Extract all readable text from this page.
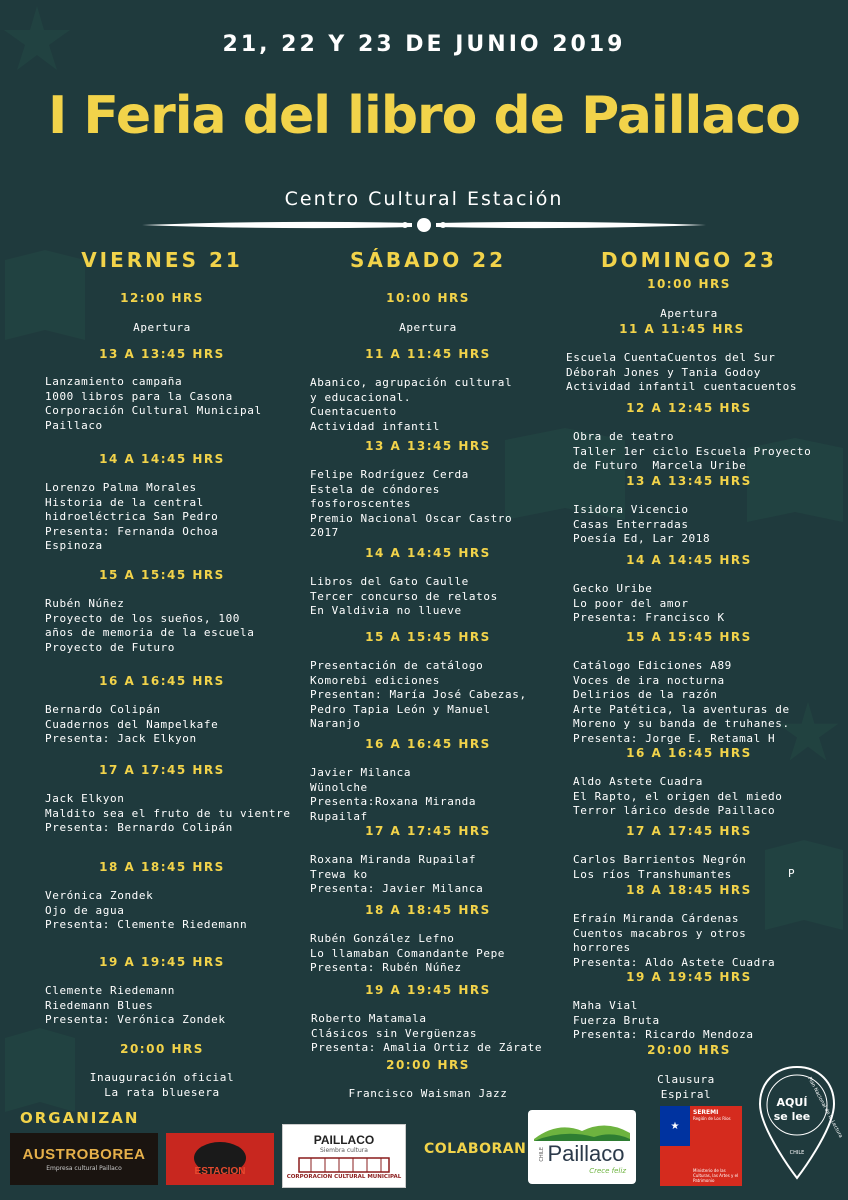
21, 22 Y 23 DE JUNIO 2019
I Feria del libro de Paillaco
Centro Cultural Estación
VIERNES 21
12:00 HRS
Apertura
13 A 13:45 HRS
Lanzamiento campaña
1000 libros para la Casona
Corporación Cultural Municipal
Paillaco
14 A 14:45 HRS
Lorenzo Palma Morales
Historia de la central
hidroeléctrica San Pedro
Presenta: Fernanda Ochoa
Espinoza
15 A 15:45 HRS
Rubén Núñez
Proyecto de los sueños, 100
años de memoria de la escuela
Proyecto de Futuro
16 A 16:45 HRS
Bernardo Colipán
Cuadernos del Nampelkafe
Presenta: Jack Elkyon
17 A 17:45 HRS
Jack Elkyon
Maldito sea el fruto de tu vientre
Presenta: Bernardo Colipán
18 A 18:45 HRS
Verónica Zondek
Ojo de agua
Presenta: Clemente Riedemann
19 A 19:45 HRS
Clemente Riedemann
Riedemann Blues
Presenta: Verónica Zondek
20:00 HRS
Inauguración oficial
La rata bluesera
SÁBADO 22
10:00 HRS
Apertura
11 A 11:45 HRS
Abanico, agrupación cultural
y educacional.
Cuentacuento
Actividad infantil
13 A 13:45 HRS
Felipe Rodríguez Cerda
Estela de cóndores
fosforoscentes
Premio Nacional Oscar Castro
2017
14 A 14:45 HRS
Libros del Gato Caulle
Tercer concurso de relatos
En Valdivia no llueve
15 A 15:45 HRS
Presentación de catálogo
Komorebi ediciones
Presentan: María José Cabezas,
Pedro Tapia León y Manuel
Naranjo
16 A 16:45 HRS
Javier Milanca
Wünolche
Presenta:Roxana Miranda
Rupailaf
17 A 17:45 HRS
Roxana Miranda Rupailaf
Trewa ko
Presenta: Javier Milanca
18 A 18:45 HRS
Rubén González Lefno
Lo llamaban Comandante Pepe
Presenta: Rubén Núñez
19 A 19:45 HRS
Roberto Matamala
Clásicos sin Vergüenzas
Presenta: Amalia Ortiz de Zárate
20:00 HRS
Francisco Waisman Jazz
DOMINGO 23
10:00 HRS
Apertura
11 A 11:45 HRS
Escuela CuentaCuentos del Sur
Déborah Jones y Tania Godoy
Actividad infantil cuentacuentos
12 A 12:45 HRS
Obra de teatro
Taller 1er ciclo Escuela Proyecto
de Futuro  Marcela Uribe
13 A 13:45 HRS
Isidora Vicencio
Casas Enterradas
Poesía Ed, Lar 2018
14 A 14:45 HRS
Gecko Uribe
Lo poor del amor
Presenta: Francisco K
15 A 15:45 HRS
Catálogo Ediciones A89
Voces de ira nocturna
Delirios de la razón
Arte Patética, la aventuras de
Moreno y su banda de truhanes.
Presenta: Jorge E. Retamal H
16 A 16:45 HRS
Aldo Astete Cuadra
El Rapto, el origen del miedo
Terror lárico desde Paillaco
17 A 17:45 HRS
Carlos Barrientos Negrón
Los ríos Transhumantes	P
18 A 18:45 HRS
Efraín Miranda Cárdenas
Cuentos macabros y otros
horrores
Presenta: Aldo Astete Cuadra
19 A 19:45 HRS
Maha Vial
Fuerza Bruta
Presenta: Ricardo Mendoza
20:00 HRS
Clausura
Espiral
ORGANIZAN
COLABORAN
AUSTROBOREA
Empresa cultural Paillaco	ESTACION
PAILLACO
Siembra cultura
CORPORACION CULTURAL MUNICIPAL
CHILE Paillaco
Crece feliz
★
SEREMI
Región de Los Ríos
Ministerio de las Culturas, las Artes y el Patrimonio
Plan Nacional de la Lectura
AQUÍ
se lee
CHILE
